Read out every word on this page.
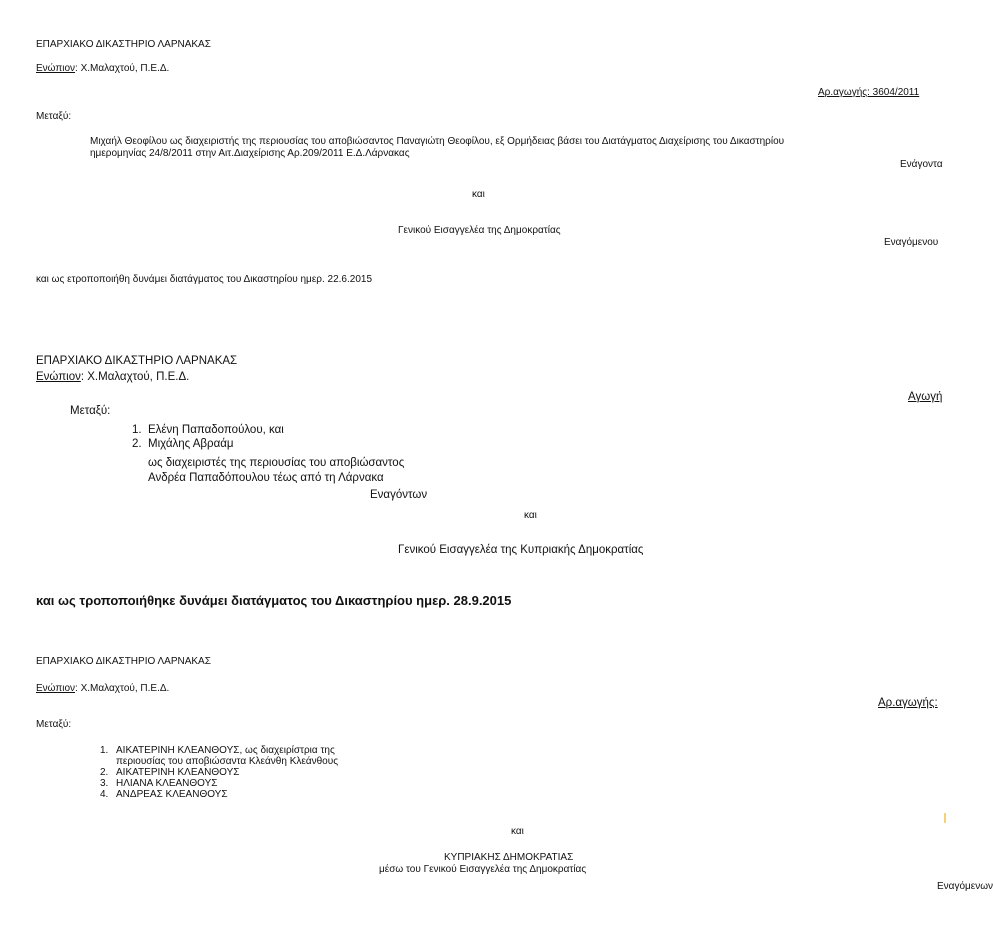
ΕΠΑΡΧΙΑΚΟ ΔΙΚΑΣΤΗΡΙΟ ΛΑΡΝΑΚΑΣ
Ενώπιον: Χ.Μαλαχτού, Π.Ε.Δ.
Αρ.αγωγής: 3604/2011
Μεταξύ:
Μιχαήλ Θεοφίλου ως διαχειριστής της περιουσίας του αποβιώσαντος Παναγιώτη Θεοφίλου, εξ Ορμήδειας βάσει του Διατάγματος Διαχείρισης του Δικαστηρίου
ημερομηνίας 24/8/2011 στην Αιτ.Διαχείρισης Αρ.209/2011 Ε.Δ.Λάρνακας
Ενάγοντα
και
Γενικού Εισαγγελέα της Δημοκρατίας
Εναγόμενου
και ως ετροποποιήθη δυνάμει διατάγματος του Δικαστηρίου ημερ. 22.6.2015
ΕΠΑΡΧΙΑΚΟ ΔΙΚΑΣΤΗΡΙΟ ΛΑΡΝΑΚΑΣ
Ενώπιον: Χ.Μαλαχτού, Π.Ε.Δ.
Αγωγή
Μεταξύ:
1. Ελένη Παπαδοπούλου, και
2. Μιχάλης Αβραάμ
ως διαχειριστές της περιουσίας του αποβιώσαντος
Ανδρέα Παπαδόπουλου τέως από τη Λάρνακα
Εναγόντων
και
Γενικού Εισαγγελέα της Κυπριακής Δημοκρατίας
και ως τροποποιήθηκε δυνάμει διατάγματος του Δικαστηρίου ημερ. 28.9.2015
ΕΠΑΡΧΙΑΚΟ ΔΙΚΑΣΤΗΡΙΟ ΛΑΡΝΑΚΑΣ
Ενώπιον: Χ.Μαλαχτού, Π.Ε.Δ.
Αρ.αγωγής:
Μεταξύ:
1. ΑΙΚΑΤΕΡΙΝΗ ΚΛΕΑΝΘΟΥΣ, ως διαχειρίστρια της
περιουσίας του αποβιώσαντα Κλεάνθη Κλεάνθους
2. ΑΙΚΑΤΕΡΙΝΗ ΚΛΕΑΝΘΟΥΣ
3. ΗΛΙΑΝΑ ΚΛΕΑΝΘΟΥΣ
4. ΑΝΔΡΕΑΣ ΚΛΕΑΝΘΟΥΣ
και
ΚΥΠΡΙΑΚΗΣ ΔΗΜΟΚΡΑΤΙΑΣ
μέσω του Γενικού Εισαγγελέα της Δημοκρατίας
Εναγόμενων
